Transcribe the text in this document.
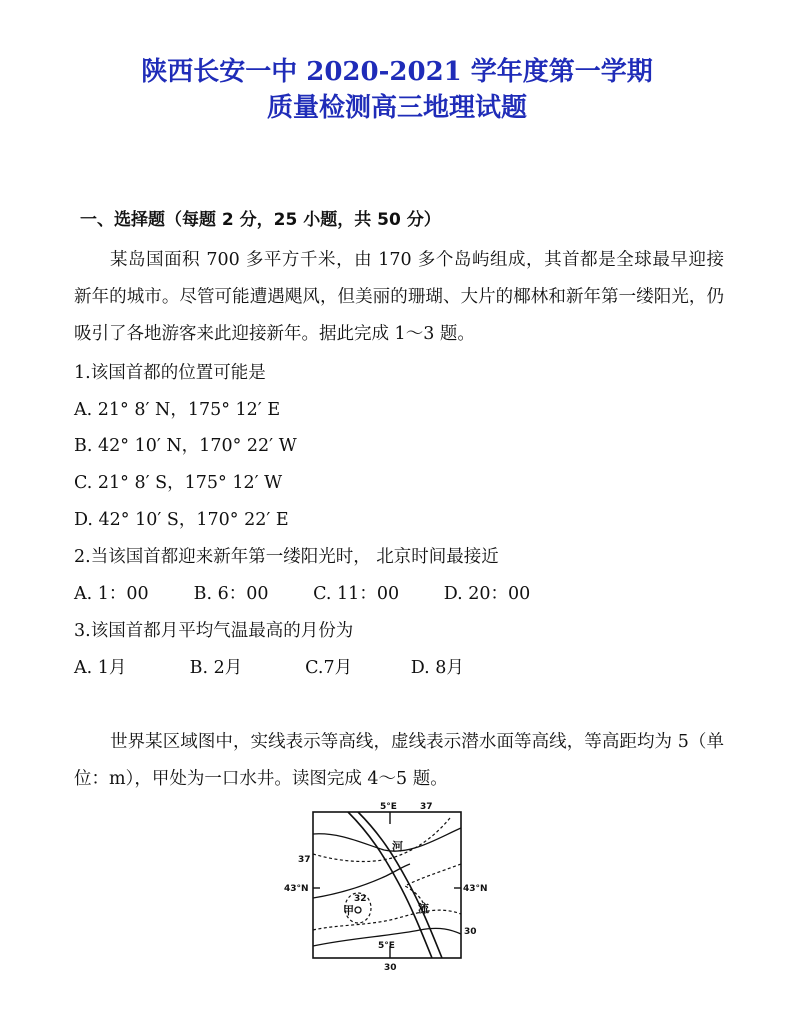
陕西长安一中 2020-2021 学年度第一学期
质量检测高三地理试题
一、选择题（每题 2 分，25 小题，共 50 分）
某岛国面积 700 多平方千米，由 170 多个岛屿组成，其首都是全球最早迎接新年的城市。尽管可能遭遇飓风，但美丽的珊瑚、大片的椰林和新年第一缕阳光，仍吸引了各地游客来此迎接新年。据此完成 1～3 题。
1.该国首都的位置可能是
A. 21° 8′ N，175° 12′ E
B. 42° 10′ N，170° 22′ W
C. 21° 8′ S，175° 12′ W
D. 42° 10′ S，170° 22′ E
2.当该国首都迎来新年第一缕阳光时， 北京时间最接近
A. 1：00	B. 6：00	C. 11：00	D. 20：00
3.该国首都月平均气温最高的月份为
A. 1月	B. 2月	C.7月	D. 8月
世界某区域图中，实线表示等高线，虚线表示潜水面等高线，等高距均为 5（单位：m），甲处为一口水井。读图完成 4～5 题。
5°E	37
37
43°N	43°N
32
甲
河
流
30
5°E
30
